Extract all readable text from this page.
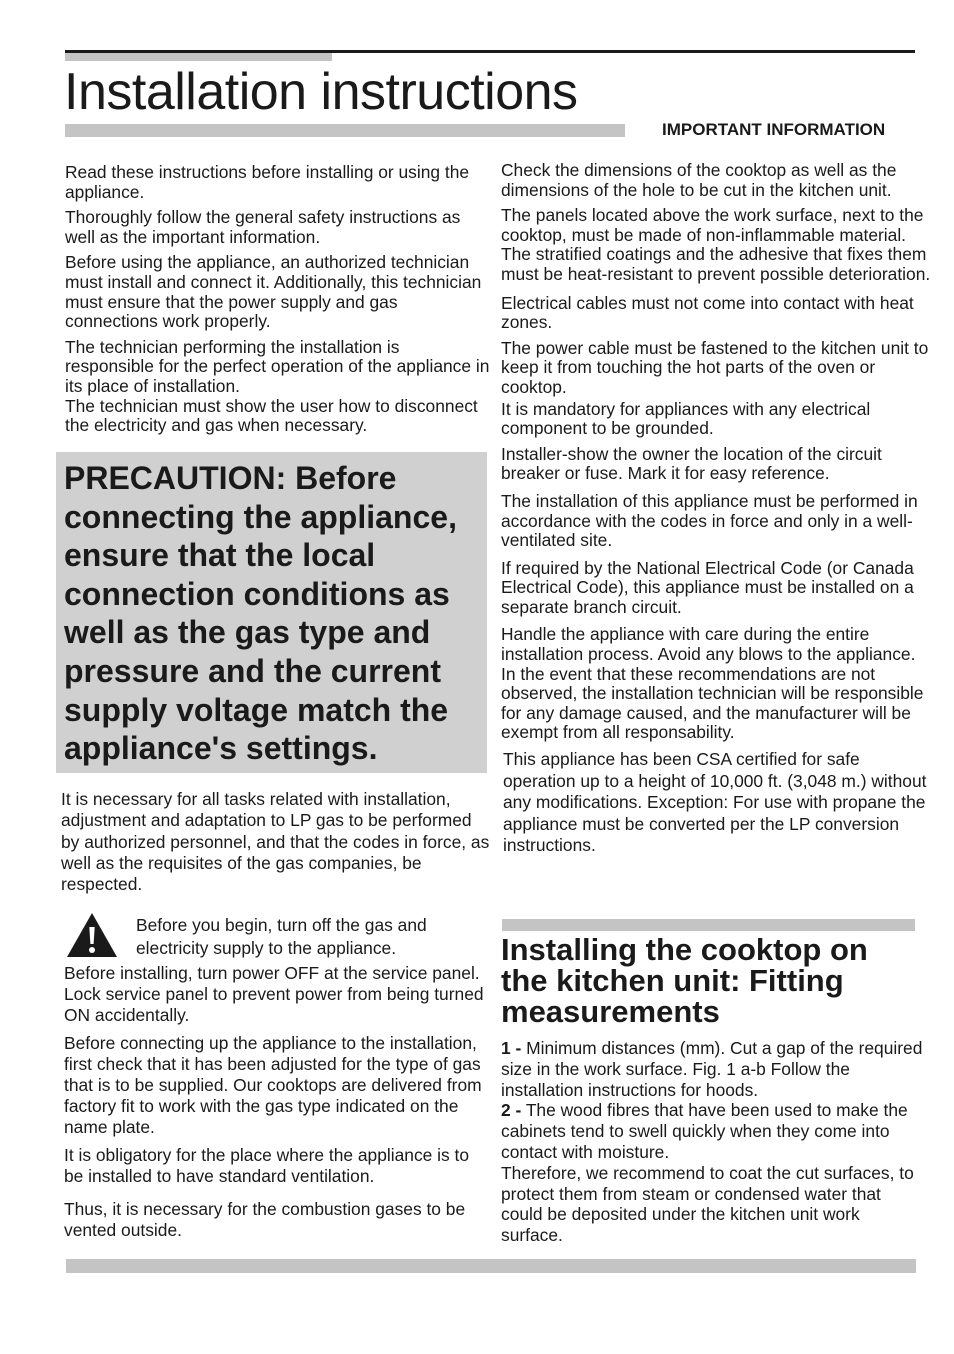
Installation instructions
IMPORTANT INFORMATION

Read these instructions before installing or using the appliance.

Thoroughly follow the general safety instructions as well as the important information.

Before using the appliance, an authorized technician must install and connect it. Additionally, this technician must ensure that the power supply and gas connections work properly.

The technician performing the installation is responsible for the perfect operation of the appliance in its place of installation.

The technician must show the user how to disconnect the electricity and gas when necessary.

PRECAUTION: Before connecting the appliance, ensure that the local connection conditions as well as the gas type and pressure and the current supply voltage match the appliance's settings.
It is necessary for all tasks related with installation, adjustment and adaptation to LP gas to be performed by authorized personnel, and that the codes in force, as well as the requisites of the gas companies, be respected.
Before you begin, turn off the gas and electricity supply to the appliance.

Before installing, turn power OFF at the service panel. Lock service panel to prevent power from being turned ON accidentally.

Before connecting up the appliance to the installation, first check that it has been adjusted for the type of gas that is to be supplied. Our cooktops are delivered from factory fit to work with the gas type indicated on the name plate.

It is obligatory for the place where the appliance is to be installed to have standard ventilation.

Thus, it is necessary for the combustion gases to be vented outside.

Check the dimensions of the cooktop as well as the dimensions of the hole to be cut in the kitchen unit.

The panels located above the work surface, next to the cooktop, must be made of non-inflammable material. The stratified coatings and the adhesive that fixes them must be heat-resistant to prevent possible deterioration.

Electrical cables must not come into contact with heat zones.

The power cable must be fastened to the kitchen unit to keep it from touching the hot parts of the oven or cooktop.

It is mandatory for appliances with any electrical component to be grounded.

Installer-show the owner the location of the circuit breaker or fuse. Mark it for easy reference.

The installation of this appliance must be performed in accordance with the codes in force and only in a well-ventilated site.

If required by the National Electrical Code (or Canada Electrical Code), this appliance must be installed on a separate branch circuit.

Handle the appliance with care during the entire installation process. Avoid any blows to the appliance.

In the event that these recommendations are not observed, the installation technician will be responsible for any damage caused, and the manufacturer will be exempt from all responsability.

This appliance has been CSA certified for safe operation up to a height of 10,000 ft. (3,048 m.) without any modifications. Exception: For use with propane the appliance must be converted per the LP conversion instructions.

Installing the cooktop on the kitchen unit: Fitting measurements
1 - Minimum distances (mm). Cut a gap of the required size in the work surface. Fig. 1 a-b Follow the installation instructions for hoods.
2 - The wood fibres that have been used to make the cabinets tend to swell quickly when they come into contact with moisture.
Therefore, we recommend to coat the cut surfaces, to protect them from steam or condensed water that could be deposited under the kitchen unit work surface.
